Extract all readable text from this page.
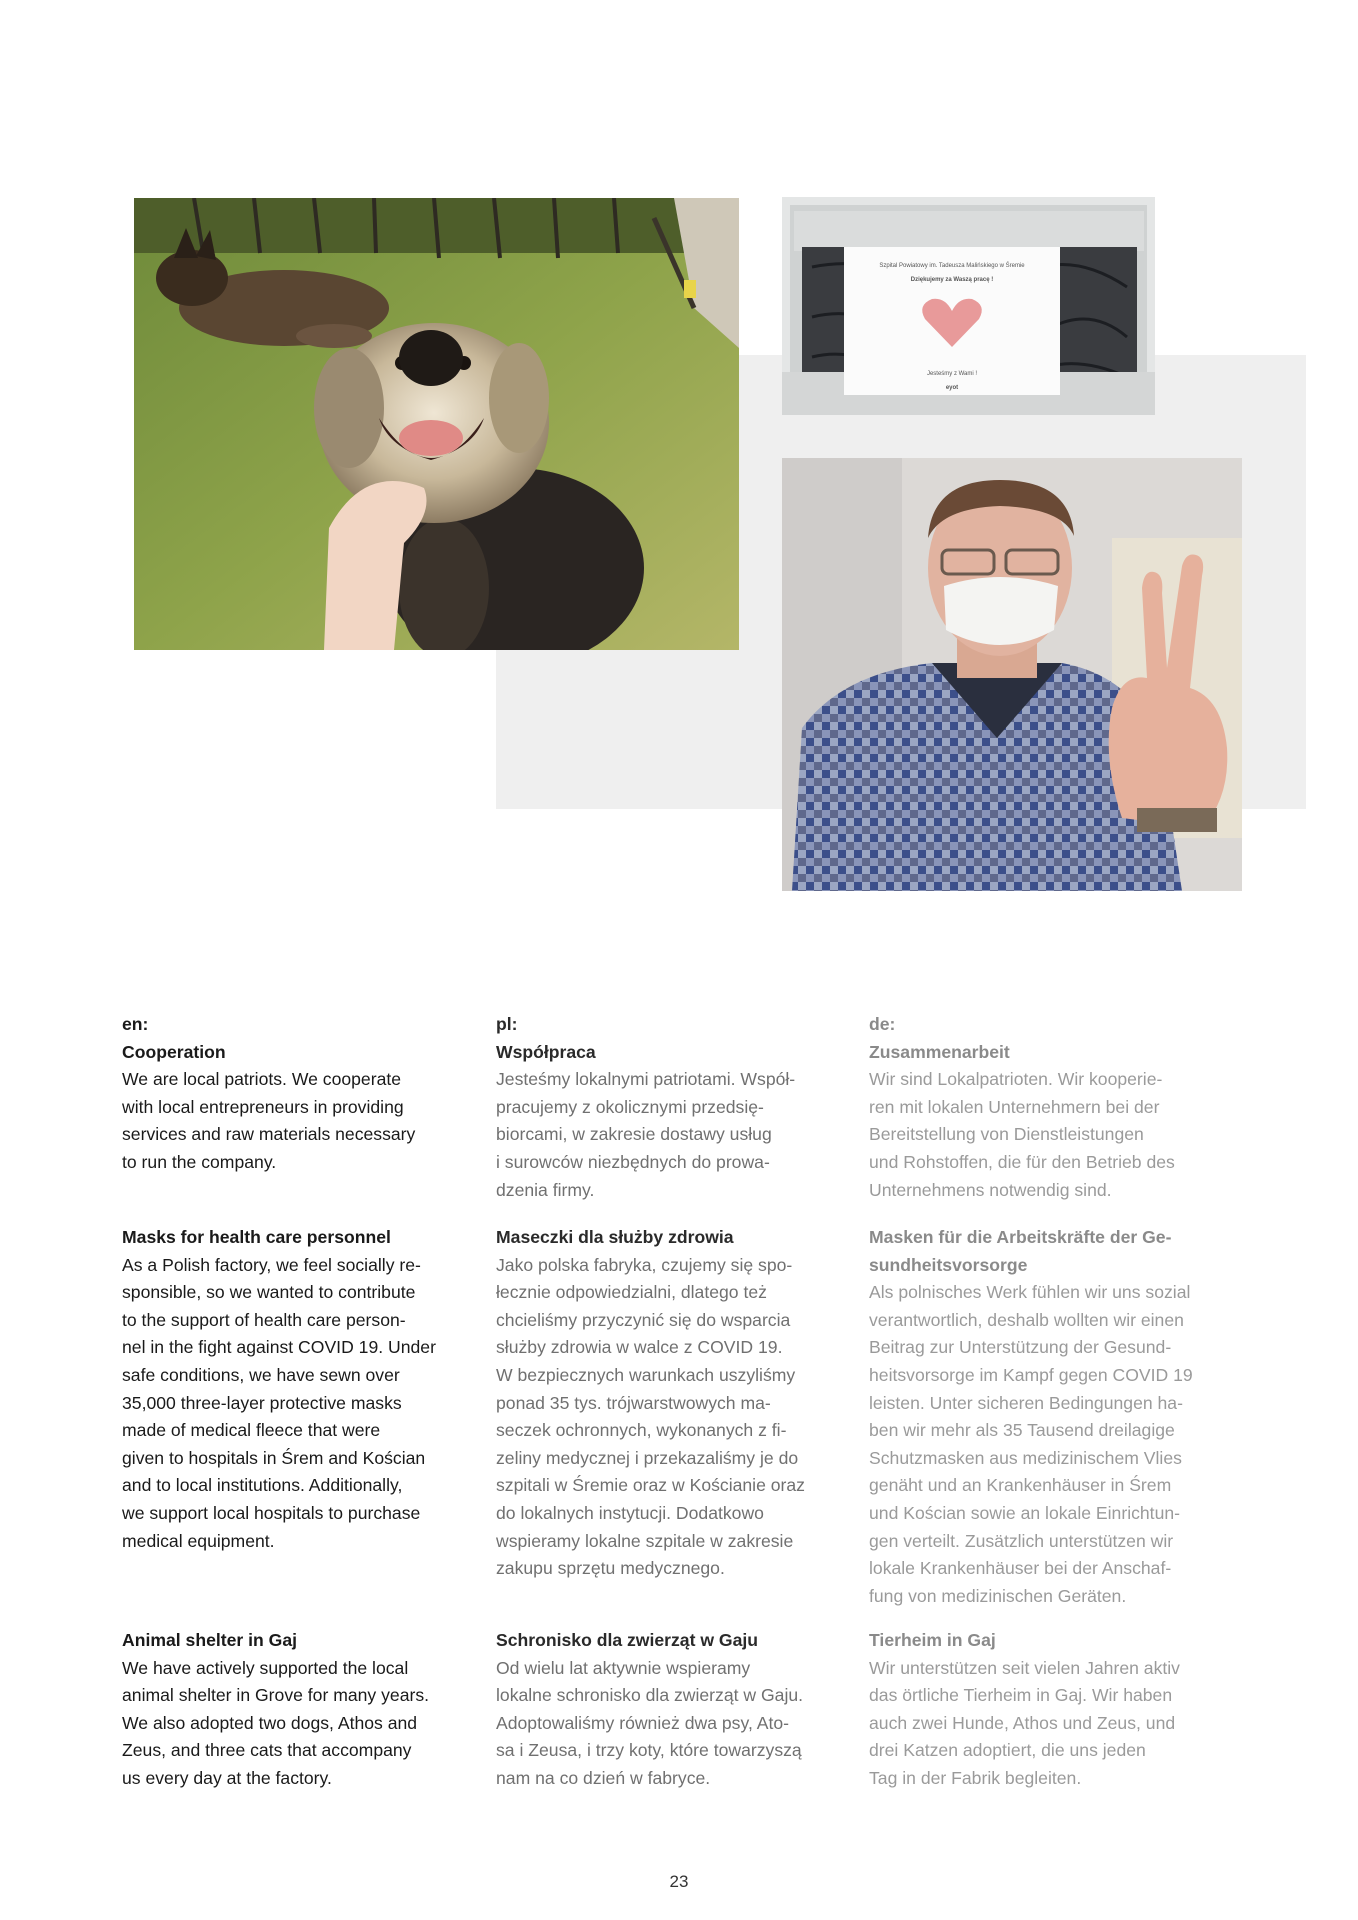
Szpital Powiatowy im. Tadeusza Malińskiego w Śremie
Dziękujemy za Waszą pracę !
Jesteśmy z Wami !
eyot

en:

Cooperation

We are local patriots. We cooperate

with local entrepreneurs in providing

services and raw materials necessary

to run the company.

Masks for health care personnel

As a Polish factory, we feel socially re-

sponsible, so we wanted to contribute

to the support of health care person-

nel in the fight against COVID 19. Under

safe conditions, we have sewn over

35,000 three-layer protective masks

made of medical fleece that were

given to hospitals in Śrem and Kościan

and to local institutions. Additionally,

we support local hospitals to purchase

medical equipment.

Animal shelter in Gaj

We have actively supported the local

animal shelter in Grove for many years.

We also adopted two dogs, Athos and

Zeus, and three cats that accompany

us every day at the factory.

pl:

Współpraca

Jesteśmy lokalnymi patriotami. Współ-

pracujemy z okolicznymi przedsię-

biorcami, w zakresie dostawy usług

i surowców niezbędnych do prowa-

dzenia firmy.

Maseczki dla służby zdrowia

Jako polska fabryka, czujemy się spo-

łecznie odpowiedzialni, dlatego też

chcieliśmy przyczynić się do wsparcia

służby zdrowia w walce z COVID 19.

W bezpiecznych warunkach uszyliśmy

ponad 35 tys. trójwarstwowych ma-

seczek ochronnych, wykonanych z fi-

zeliny medycznej i przekazaliśmy je do

szpitali w Śremie oraz w Kościanie oraz

do lokalnych instytucji. Dodatkowo

wspieramy lokalne szpitale w zakresie

zakupu sprzętu medycznego.

Schronisko dla zwierząt w Gaju

Od wielu lat aktywnie wspieramy

lokalne schronisko dla zwierząt w Gaju.

Adoptowaliśmy również dwa psy, Ato-

sa i Zeusa, i trzy koty, które towarzyszą

nam na co dzień w fabryce.

de:

Zusammenarbeit

Wir sind Lokalpatrioten. Wir kooperie-

ren mit lokalen Unternehmern bei der

Bereitstellung von Dienstleistungen

und Rohstoffen, die für den Betrieb des

Unternehmens notwendig sind.

Masken für die Arbeitskräfte der Ge-

sundheitsvorsorge

Als polnisches Werk fühlen wir uns sozial

verantwortlich, deshalb wollten wir einen

Beitrag zur Unterstützung der Gesund-

heitsvorsorge im Kampf gegen COVID 19

leisten. Unter sicheren Bedingungen ha-

ben wir mehr als 35 Tausend dreilagige

Schutzmasken aus medizinischem Vlies

genäht und an Krankenhäuser in Śrem

und Kościan sowie an lokale Einrichtun-

gen verteilt. Zusätzlich unterstützen wir

lokale Krankenhäuser bei der Anschaf-

fung von medizinischen Geräten.

Tierheim in Gaj

Wir unterstützen seit vielen Jahren aktiv

das örtliche Tierheim in Gaj. Wir haben

auch zwei Hunde, Athos und Zeus, und

drei Katzen adoptiert, die uns jeden

Tag in der Fabrik begleiten.

23
